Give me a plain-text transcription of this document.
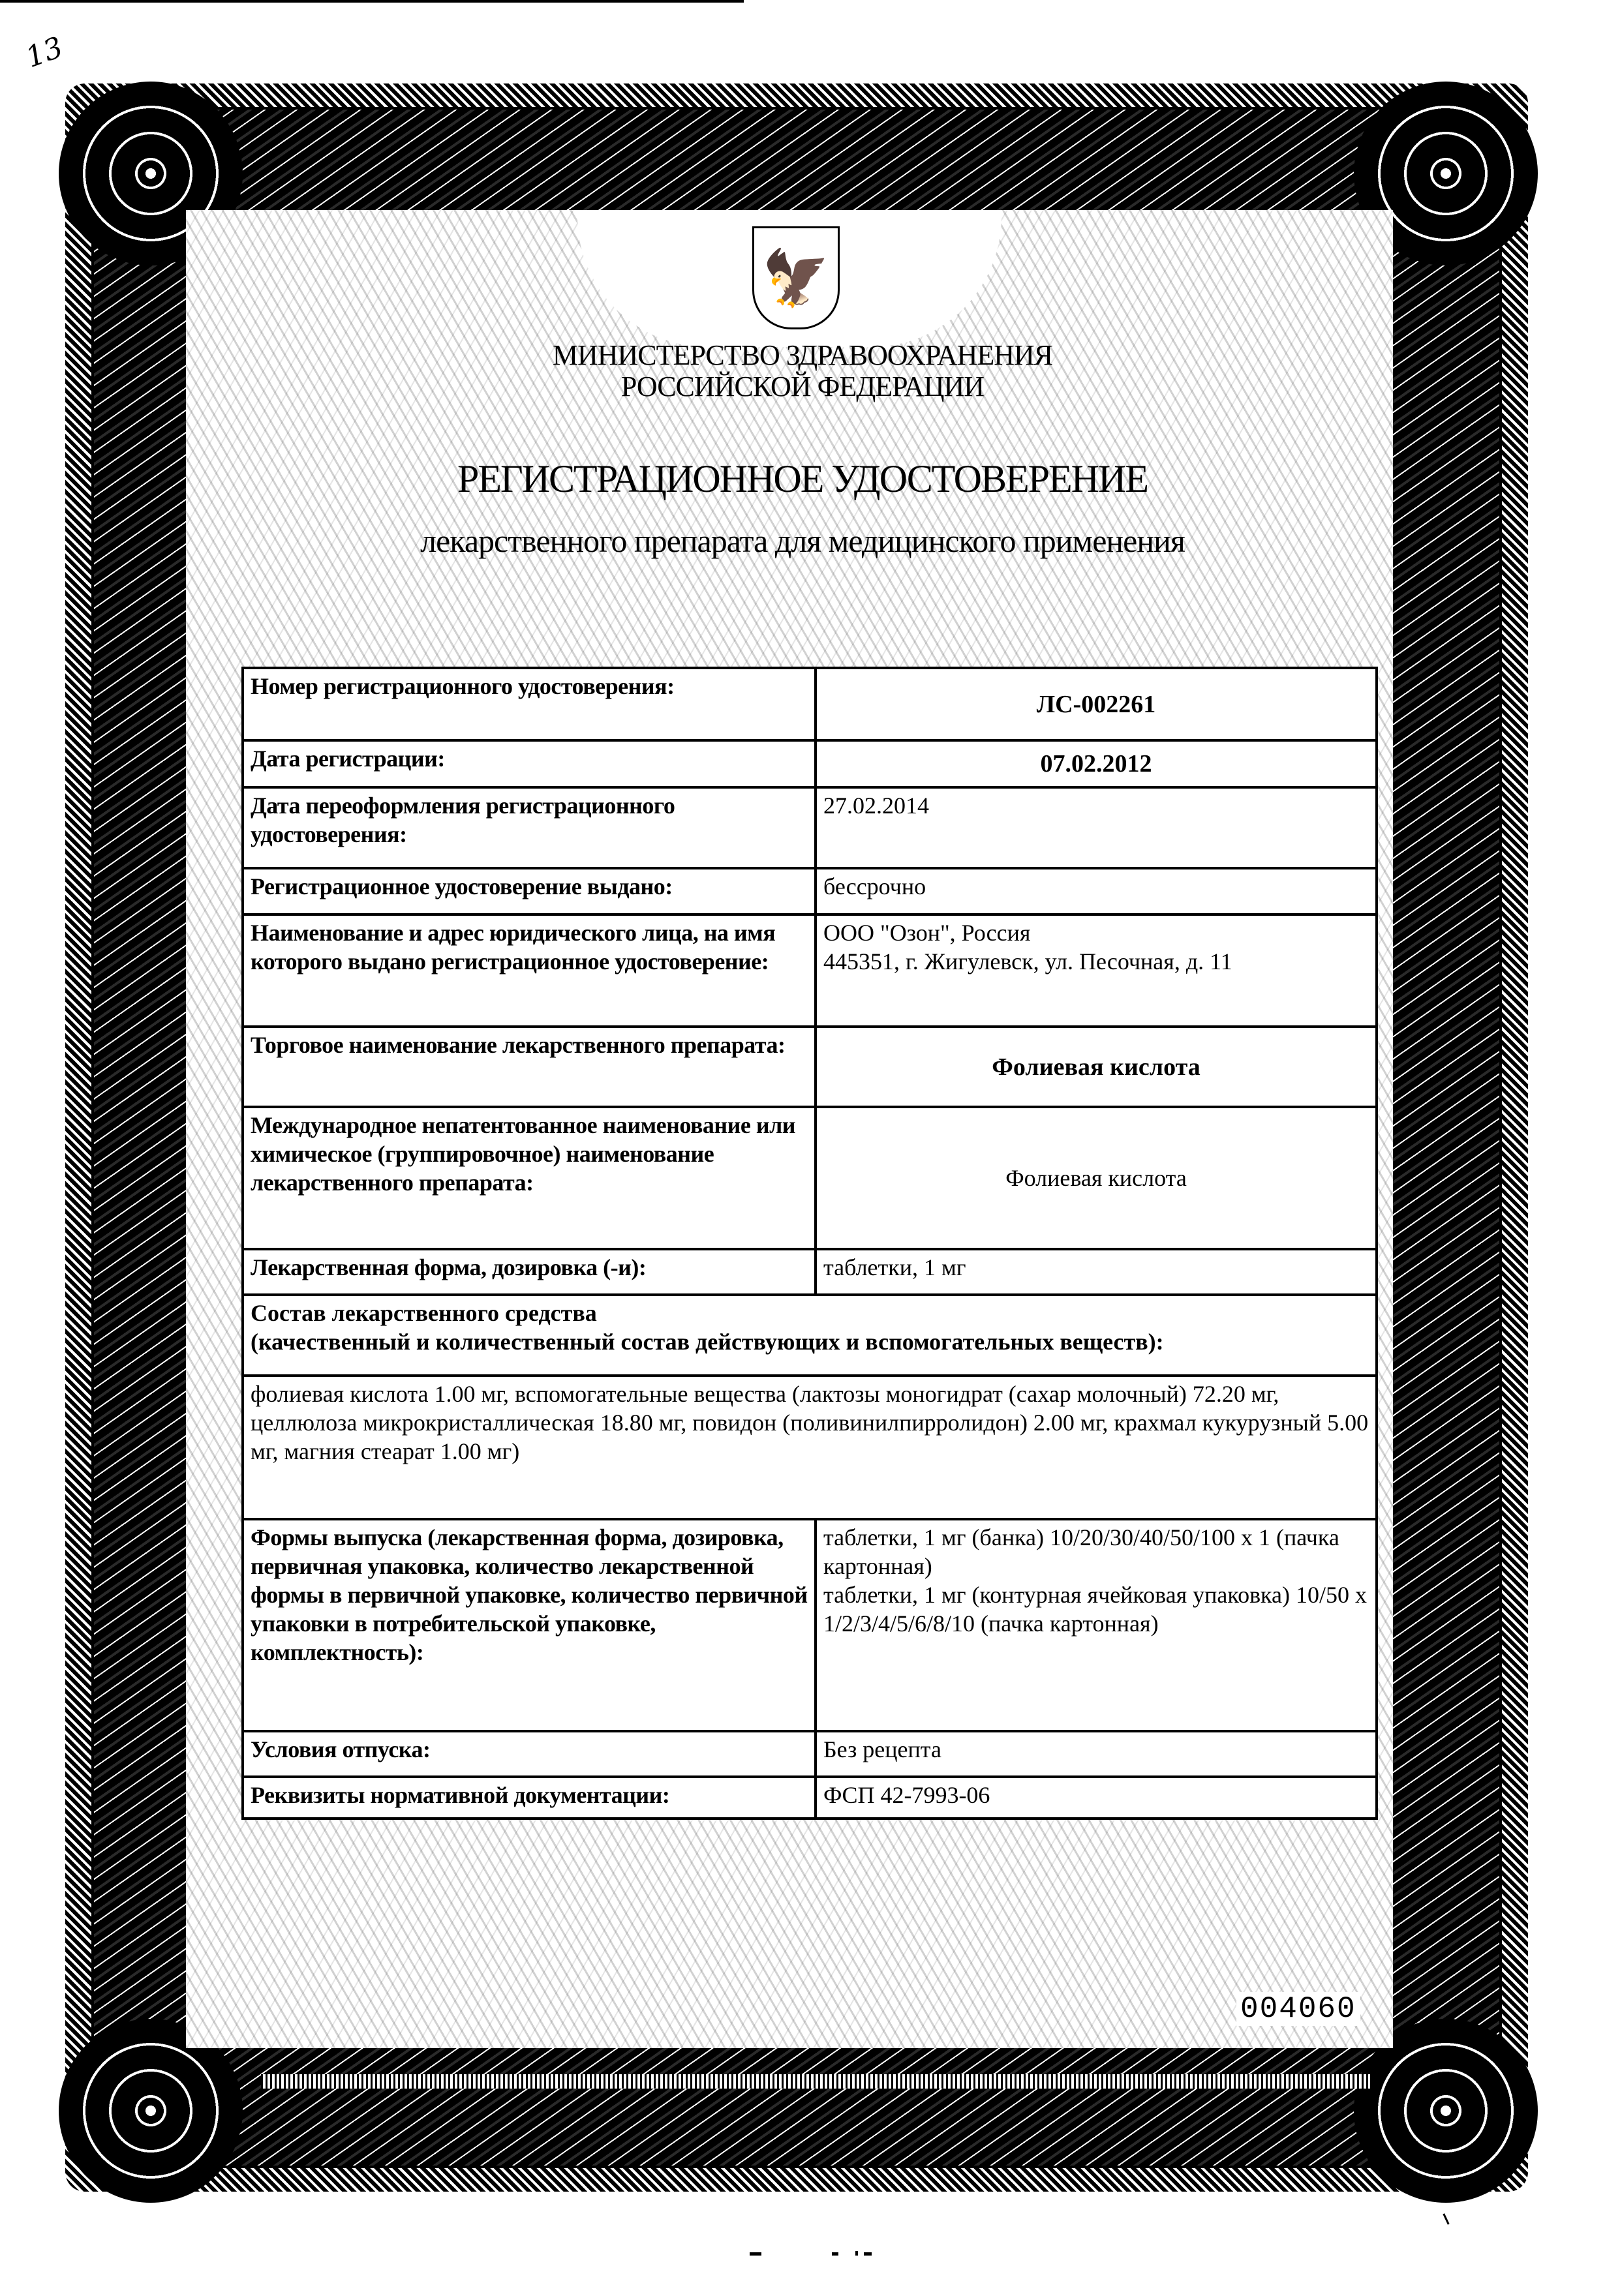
13
🦅
МИНИСТЕРСТВО ЗДРАВООХРАНЕНИЯ
РОССИЙСКОЙ ФЕДЕРАЦИИ
РЕГИСТРАЦИОННОЕ УДОСТОВЕРЕНИЕ
лекарственного препарата для медицинского применения
Номер регистрационного удостоверения:	ЛС-002261
Дата регистрации:	07.02.2012
Дата переоформления регистрационного удостоверения:	27.02.2014
Регистрационное удостоверение выдано:	бессрочно
Наименование и адрес юридического лица, на имя которого выдано регистрационное удостоверение:	ООО "Озон", Россия
445351, г. Жигулевск, ул. Песочная, д. 11

Торговое наименование лекарственного препарата:	Фолиевая кислота
Международное непатентованное наименование или химическое (группировочное) наименование лекарственного препарата:	Фолиевая кислота
Лекарственная форма, дозировка (-и):	таблетки, 1 мг

Состав лекарственного средства
(качественный и количественный состав действующих и вспомогательных веществ):	

фолиевая кислота 1.00 мг, вспомогательные вещества (лактозы моногидрат (сахар молочный) 72.20 мг, целлюлоза микрокристаллическая 18.80 мг, повидон (поливинилпирролидон) 2.00 мг, крахмал кукурузный 5.00 мг, магния стеарат 1.00 мг)	
Формы выпуска (лекарственная форма, дозировка, первичная упаковка, количество лекарственной формы в первичной упаковке, количество первичной упаковки в потребительской упаковке, комплектность):	таблетки, 1 мг (банка) 10/20/30/40/50/100 x 1 (пачка картонная)
таблетки, 1 мг (контурная ячейковая упаковка) 10/50 x 1/2/3/4/5/6/8/10 (пачка картонная)

Условия отпуска:	Без рецепта
Реквизиты нормативной документации:	ФСП 42-7993-06
004060
